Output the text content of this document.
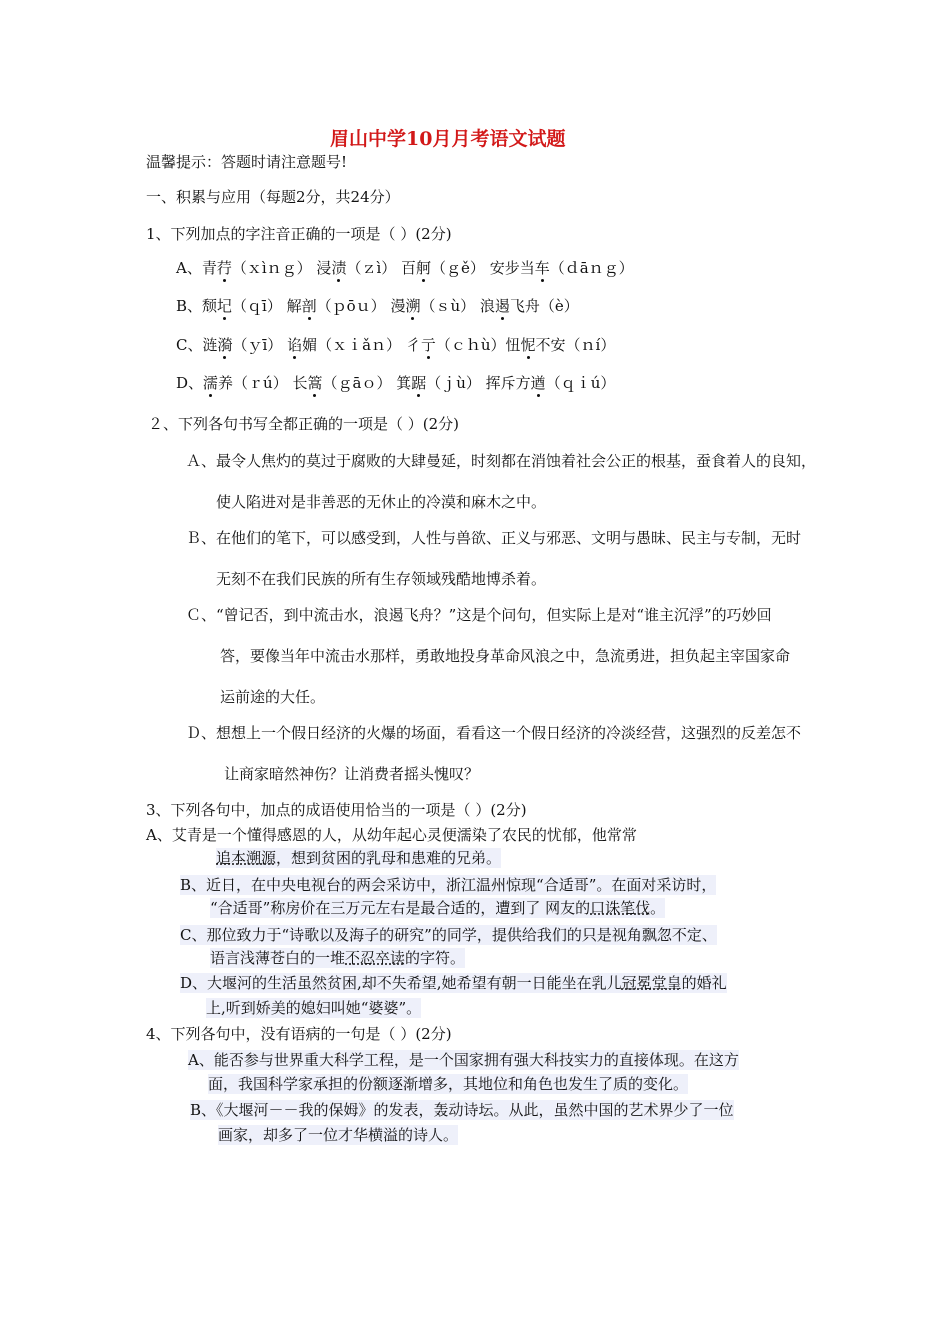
眉山中学10月月考语文试题
温馨提示：答题时请注意题号!
一、积累与应用（每题2分，共24分）
1、下列加点的字注音正确的一项是（ ）(2分)
A、青荇（ｘìｎｇ） 浸渍（ｚì） 百舸（ｇě） 安步当车（ｄāｎｇ）
B、颓圮（ｑī） 解剖（ｐōｕ） 漫溯（ｓù） 浪遏飞舟（è）
C、涟漪（ｙī） 谄媚（ｘｉǎｎ） 彳亍（ｃｈù）忸怩不安（ｎí）
D、濡养（ｒú） 长篙（ｇāｏ） 箕踞（ｊù） 挥斥方遒（ｑｉú）
２、下列各句书写全都正确的一项是（ ）(2分)
Ａ、最令人焦灼的莫过于腐败的大肆曼延，时刻都在消蚀着社会公正的根基，蚕食着人的良知，
使人陷进对是非善恶的无休止的冷漠和麻木之中。
Ｂ、在他们的笔下，可以感受到，人性与兽欲、正义与邪恶、文明与愚昧、民主与专制，无时
无刻不在我们民族的所有生存领域残酷地博杀着。
Ｃ、“曾记否，到中流击水，浪遏飞舟？”这是个问句，但实际上是对“谁主沉浮”的巧妙回
答，要像当年中流击水那样，勇敢地投身革命风浪之中，急流勇进，担负起主宰国家命
运前途的大任。
Ｄ、想想上一个假日经济的火爆的场面，看看这一个假日经济的冷淡经营，这强烈的反差怎不
让商家暗然神伤？让消费者摇头愧叹？
3、下列各句中，加点的成语使用恰当的一项是（ ）(2分)
A、艾青是一个懂得感恩的人，从幼年起心灵便濡染了农民的忧郁，他常常
追本溯源，想到贫困的乳母和患难的兄弟。
B、近日，在中央电视台的两会采访中，浙江温州惊现“合适哥”。在面对采访时，
“合适哥”称房价在三万元左右是最合适的，遭到了 网友的口诛笔伐。
C、那位致力于“诗歌以及海子的研究”的同学，提供给我们的只是视角飘忽不定、
语言浅薄苍白的一堆不忍卒读的字符。
D、大堰河的生活虽然贫困,却不失希望,她希望有朝一日能坐在乳儿冠冕堂皇的婚礼
上,听到娇美的媳妇叫她“婆婆”。
4、下列各句中，没有语病的一句是（ ）(2分)
A、能否参与世界重大科学工程，是一个国家拥有强大科技实力的直接体现。在这方
面，我国科学家承担的份额逐渐增多，其地位和角色也发生了质的变化。
B、《大堰河－－我的保姆》的发表，轰动诗坛。从此，虽然中国的艺术界少了一位
画家，却多了一位才华横溢的诗人。
